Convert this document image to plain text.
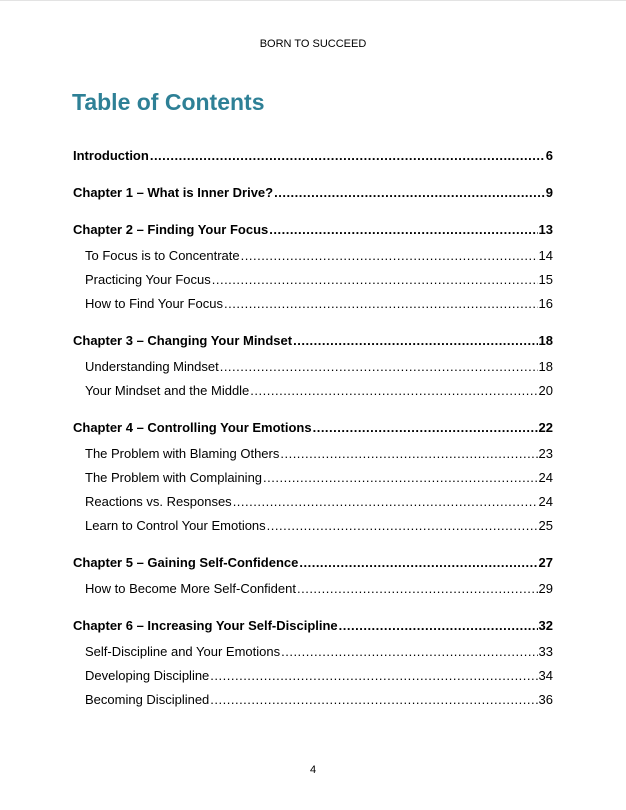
BORN TO SUCCEED
Table of Contents
Introduction .....	6
Chapter 1 – What is Inner Drive? .....	9
Chapter 2 – Finding Your Focus .....	13
To Focus is to Concentrate .....	14
Practicing Your Focus .....	15
How to Find Your Focus .....	16
Chapter 3 – Changing Your Mindset .....	18
Understanding Mindset .....	18
Your Mindset and the Middle .....	20
Chapter 4 – Controlling Your Emotions .....	22
The Problem with Blaming Others .....	23
The Problem with Complaining .....	24
Reactions vs. Responses .....	24
Learn to Control Your Emotions .....	25
Chapter 5 – Gaining Self-Confidence .....	27
How to Become More Self-Confident .....	29
Chapter 6 – Increasing Your Self-Discipline .....	32
Self-Discipline and Your Emotions .....	33
Developing Discipline .....	34
Becoming Disciplined .....	36
4
